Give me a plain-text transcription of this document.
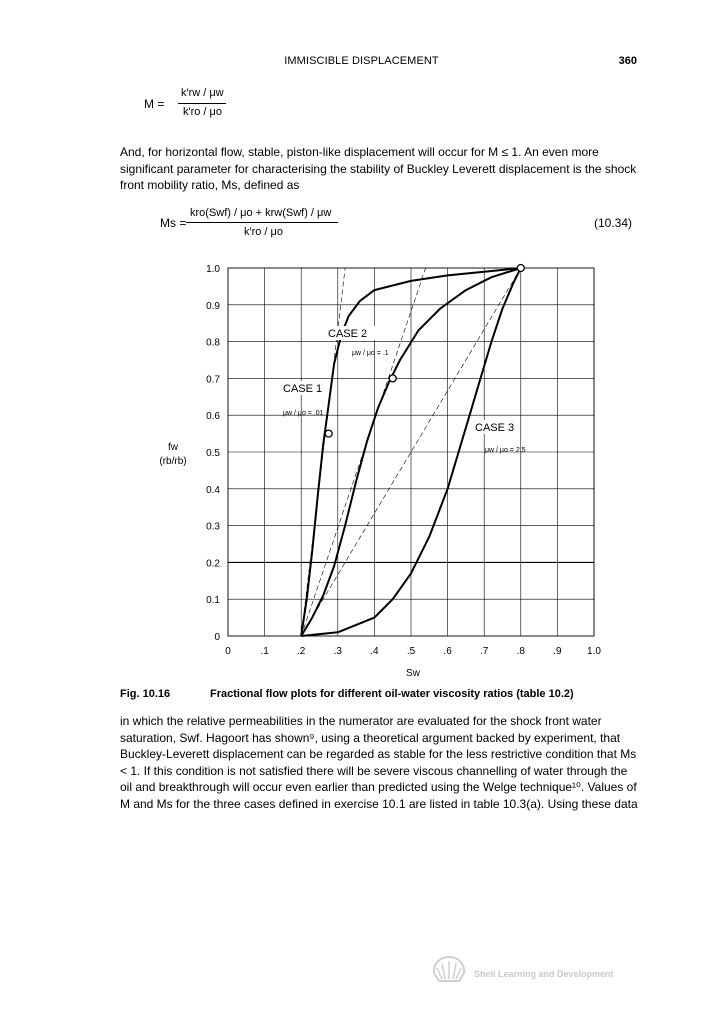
IMMISCIBLE DISPLACEMENT	360
M =
k′rw / μw
k′ro / μo
And, for horizontal flow, stable, piston-like displacement will occur for M ≤ 1. An even more significant parameter for characterising the stability of Buckley Leverett displacement is the shock front mobility ratio, Ms, defined as
Ms =
kro(Swf) / μo + krw(Swf) / μw
k′ro / μo
(10.34)
0	.1	.2	.3	.4	.5	.6	.7	.8	.9	1.0
0
0.1
0.2
0.3
0.4
0.5
0.6
0.7
0.8
0.9
1.0
fw
(rb/rb)
Sw
CASE 2
μw / μo = .1
CASE 1
μw / μo = .01
CASE 3
μw / μo = 2.5
Fig. 10.16	Fractional flow plots for different oil-water viscosity ratios (table 10.2)
in which the relative permeabilities in the numerator are evaluated for the shock front water saturation, Swf. Hagoort has shown⁹, using a theoretical argument backed by experiment, that Buckley-Leverett displacement can be regarded as stable for the less restrictive condition that Ms < 1. If this condition is not satisfied there will be severe viscous channelling of water through the oil and breakthrough will occur even earlier than predicted using the Welge technique¹⁰. Values of M and Ms for the three cases defined in exercise 10.1 are listed in table 10.3(a). Using these data
Shell Learning and Development
